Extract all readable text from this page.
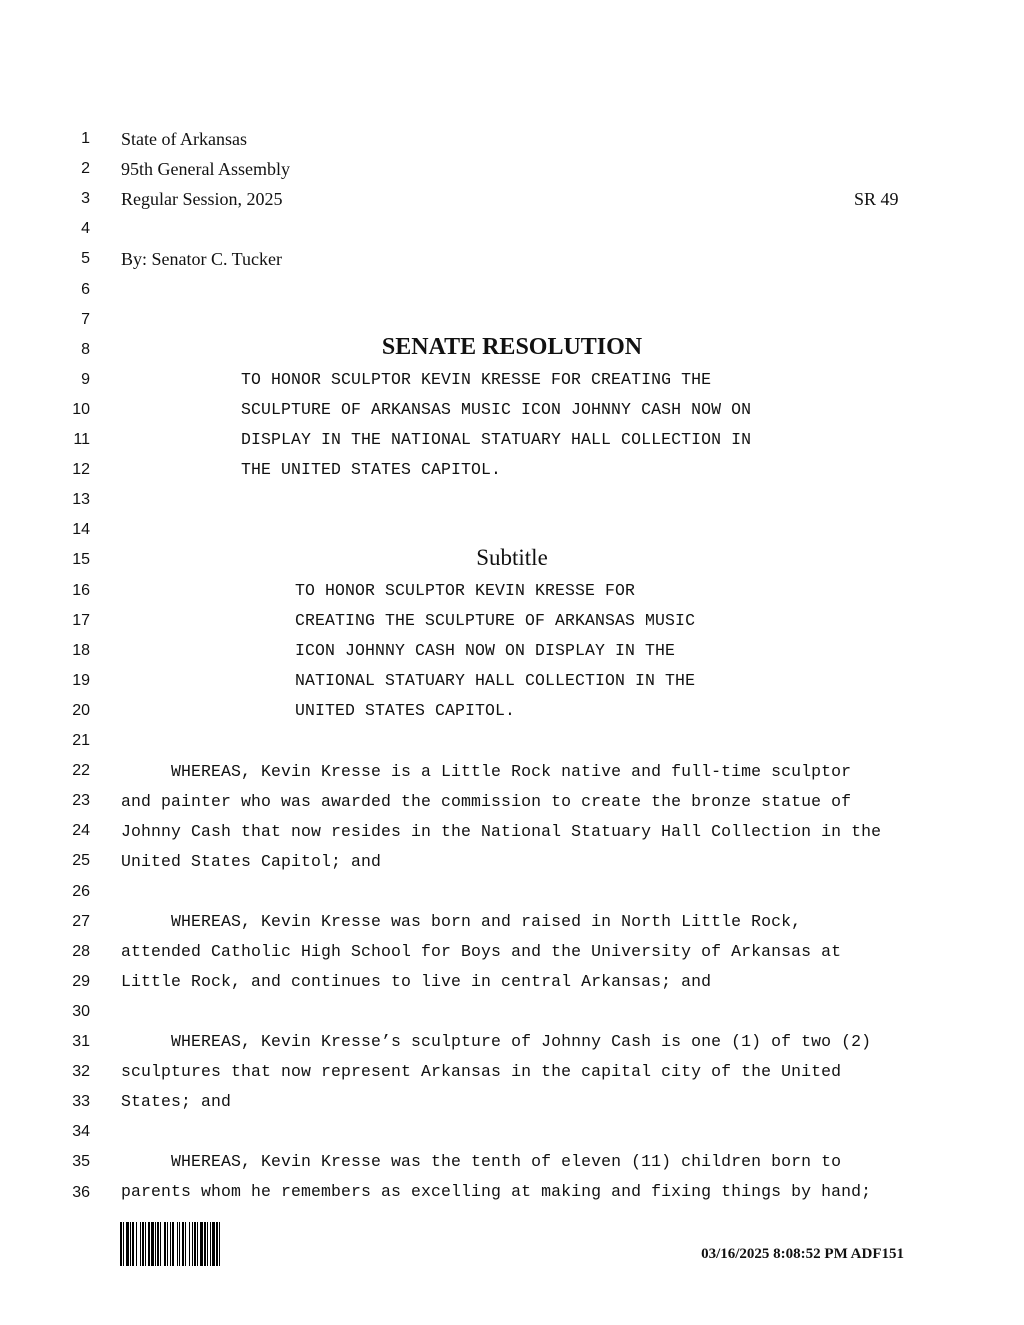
1
2
3
4
5
6
7
8
9
10
11
12
13
14
15
16
17
18
19
20
21
22
23
24
25
26
27
28
29
30
31
32
33
34
35
36
State of Arkansas
95th General Assembly
Regular Session, 2025	SR 49
By: Senator C. Tucker
SENATE RESOLUTION
TO HONOR SCULPTOR KEVIN KRESSE FOR CREATING THE
SCULPTURE OF ARKANSAS MUSIC ICON JOHNNY CASH NOW ON
DISPLAY IN THE NATIONAL STATUARY HALL COLLECTION IN
THE UNITED STATES CAPITOL.
Subtitle
TO HONOR SCULPTOR KEVIN KRESSE FOR
CREATING THE SCULPTURE OF ARKANSAS MUSIC
ICON JOHNNY CASH NOW ON DISPLAY IN THE
NATIONAL STATUARY HALL COLLECTION IN THE
UNITED STATES CAPITOL.
WHEREAS, Kevin Kresse is a Little Rock native and full-time sculptor
and painter who was awarded the commission to create the bronze statue of
Johnny Cash that now resides in the National Statuary Hall Collection in the
United States Capitol; and
WHEREAS, Kevin Kresse was born and raised in North Little Rock,
attended Catholic High School for Boys and the University of Arkansas at
Little Rock, and continues to live in central Arkansas; and
WHEREAS, Kevin Kresse’s sculpture of Johnny Cash is one (1) of two (2)
sculptures that now represent Arkansas in the capital city of the United
States; and
WHEREAS, Kevin Kresse was the tenth of eleven (11) children born to
parents whom he remembers as excelling at making and fixing things by hand;
03/16/2025 8:08:52 PM ADF151
